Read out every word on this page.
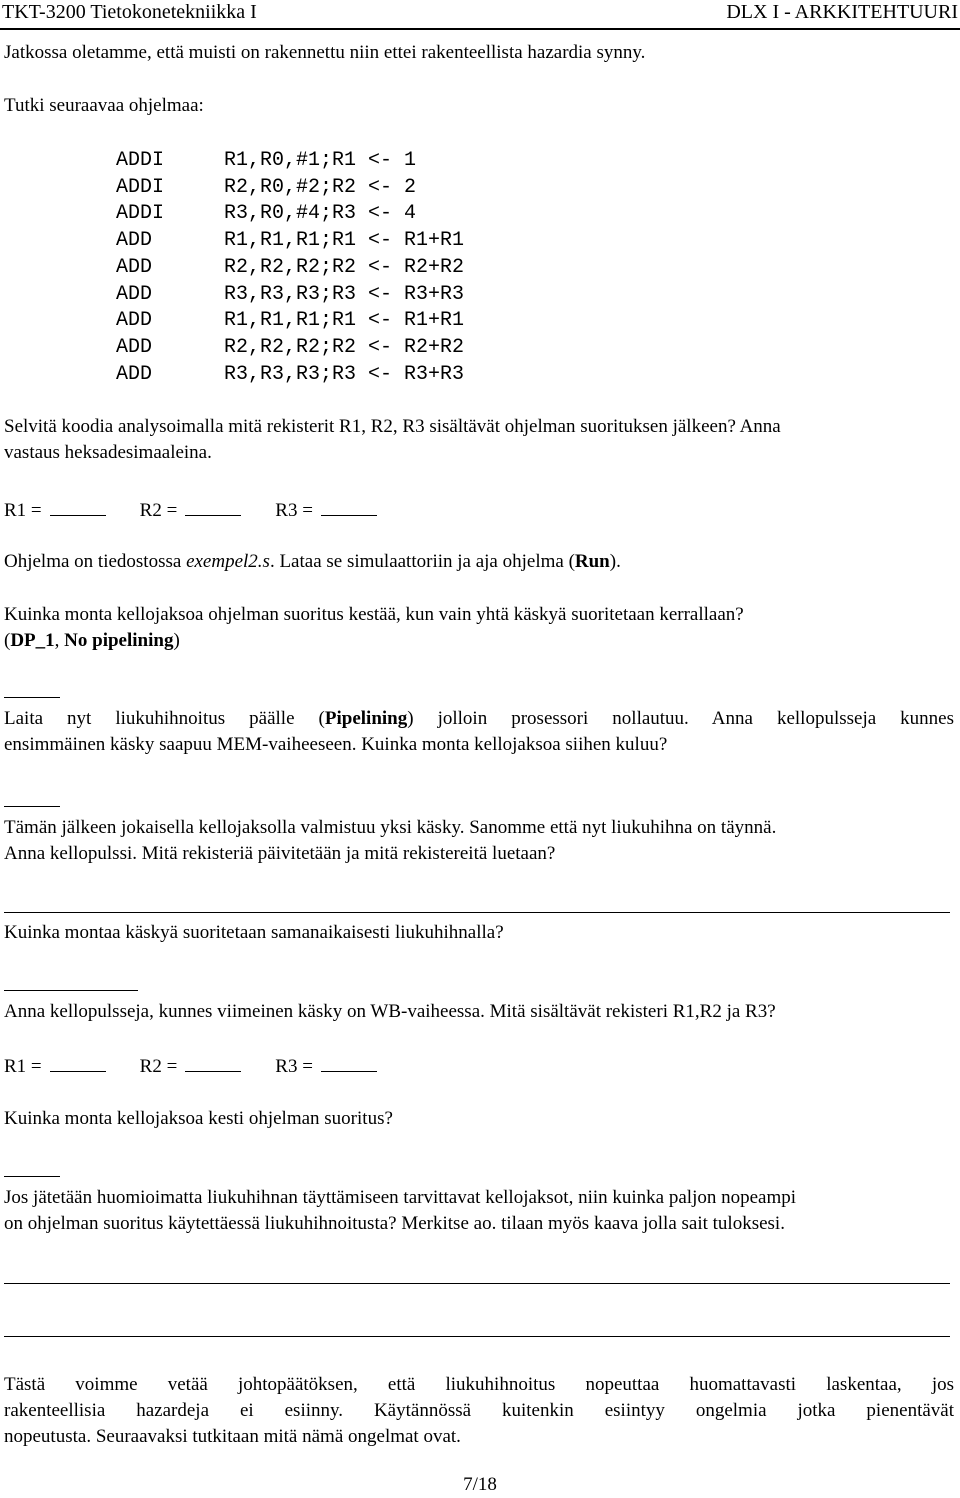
TKT-3200 Tietokonetekniikka I	DLX I - ARKKITEHTUURI

Jatkossa oletamme, että muisti on rakennettu niin ettei rakenteellista hazardia synny.

Tutki seuraavaa ohjelmaa:

ADDI	R1,R0,#1;R1 <- 1
ADDI	R2,R0,#2;R2 <- 2
ADDI	R3,R0,#4;R3 <- 4
ADD	R1,R1,R1;R1 <- R1+R1
ADD	R2,R2,R2;R2 <- R2+R2
ADD	R3,R3,R3;R3 <- R3+R3
ADD	R1,R1,R1;R1 <- R1+R1
ADD	R2,R2,R2;R2 <- R2+R2
ADD	R3,R3,R3;R3 <- R3+R3
Selvitä koodia analysoimalla mitä rekisterit R1, R2, R3 sisältävät ohjelman suorituksen jälkeen? Anna
vastaus heksadesimaaleina.
R1 =	R2 =	R3 =

Ohjelma on tiedostossa exempel2.s. Lataa se simulaattoriin ja aja ohjelma (Run).

Kuinka monta kellojaksoa ohjelman suoritus kestää, kun vain yhtä käskyä suoritetaan kerrallaan?
(DP_1, No pipelining)
Laita nyt liukuhihnoitus päälle (Pipelining) jolloin prosessori nollautuu. Anna kellopulsseja kunnes
ensimmäinen käsky saapuu MEM-vaiheeseen. Kuinka monta kellojaksoa siihen kuluu?
Tämän jälkeen jokaisella kellojaksolla valmistuu yksi käsky. Sanomme että nyt liukuhihna on täynnä.
Anna kellopulssi. Mitä rekisteriä päivitetään ja mitä rekistereitä luetaan?

Kuinka montaa käskyä suoritetaan samanaikaisesti liukuhihnalla?

Anna kellopulsseja, kunnes viimeinen käsky on WB-vaiheessa. Mitä sisältävät rekisteri R1,R2 ja R3?

R1 =	R2 =	R3 =

Kuinka monta kellojaksoa kesti ohjelman suoritus?

Jos jätetään huomioimatta liukuhihnan täyttämiseen tarvittavat kellojaksot, niin kuinka paljon nopeampi
on ohjelman suoritus käytettäessä liukuhihnoitusta? Merkitse ao. tilaan myös kaava jolla sait tuloksesi.
Tästä voimme vetää johtopäätöksen, että liukuhihnoitus nopeuttaa huomattavasti laskentaa, jos
rakenteellisia hazardeja ei esiinny. Käytännössä kuitenkin esiintyy ongelmia jotka pienentävät
nopeutusta. Seuraavaksi tutkitaan mitä nämä ongelmat ovat.
7/18
